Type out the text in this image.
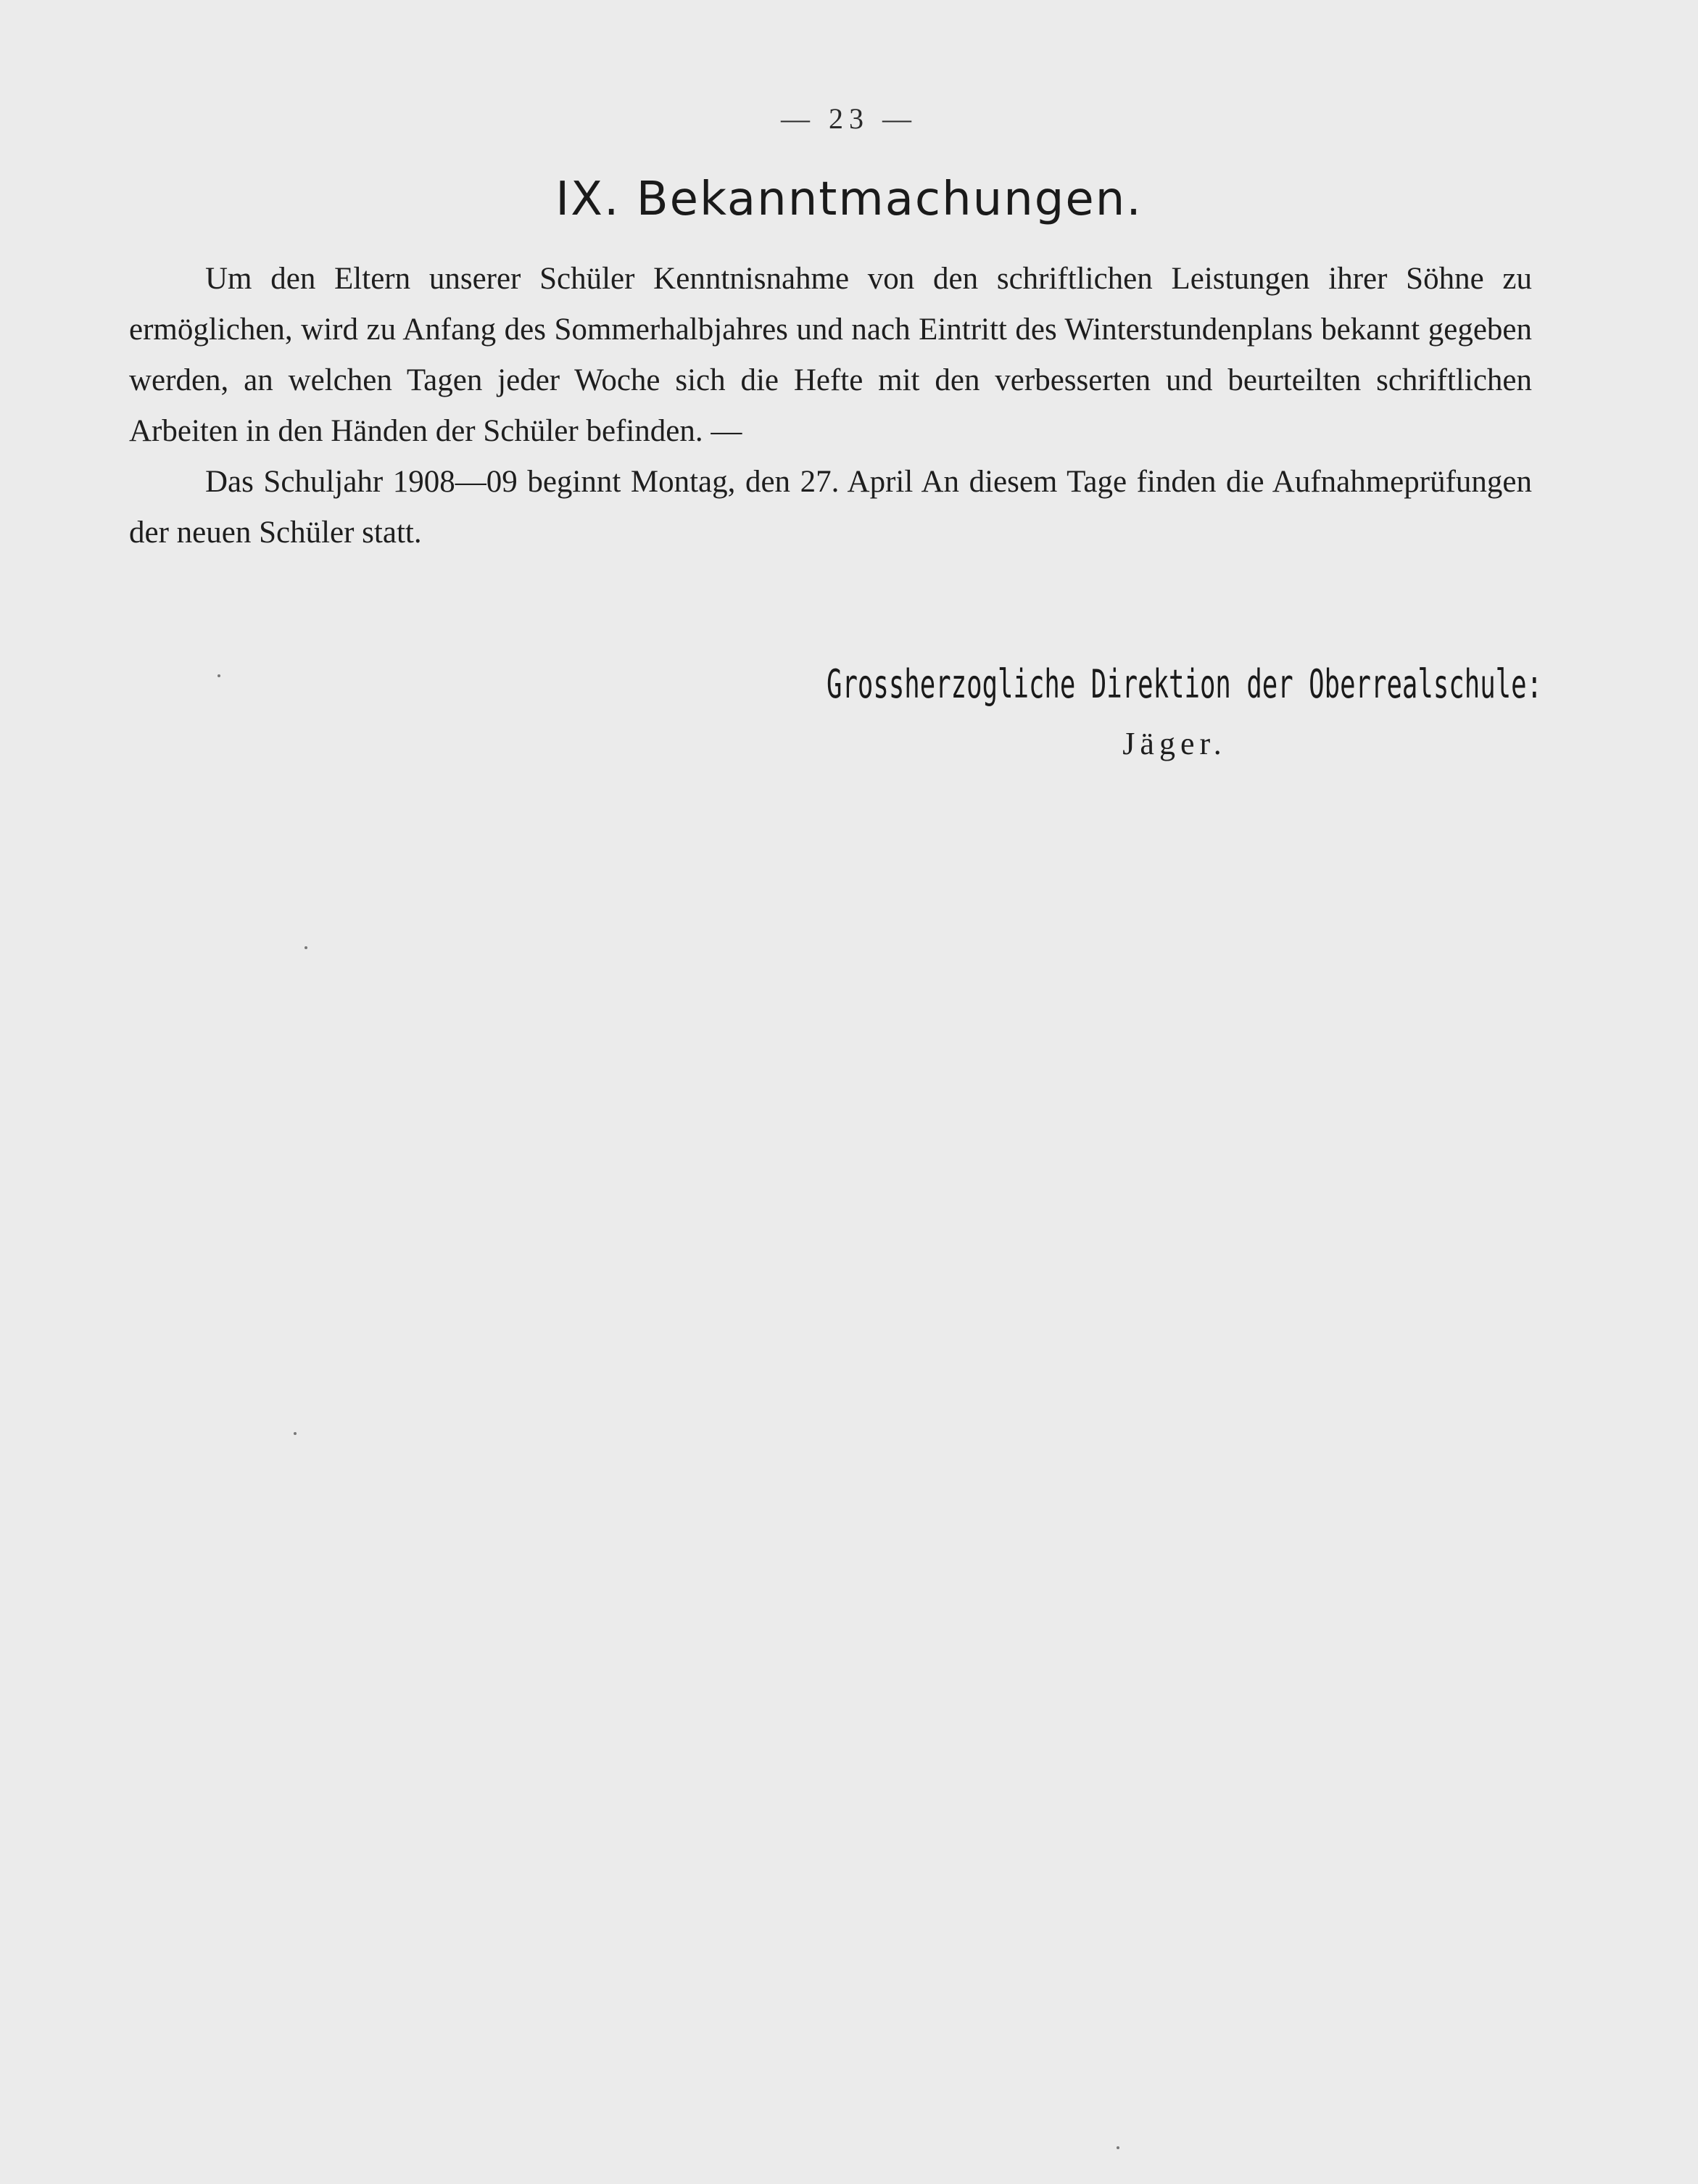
— 23 —
IX. Bekanntmachungen.

Um den Eltern unserer Schüler Kenntnisnahme von den schriftlichen Leistungen ihrer Söhne zu ermöglichen, wird zu Anfang des Sommerhalbjahres und nach Eintritt des Winterstundenplans bekannt gegeben werden, an welchen Tagen jeder Woche sich die Hefte mit den verbesserten und beurteilten schriftlichen Arbeiten in den Händen der Schüler befinden. —

Das Schuljahr 1908—09 beginnt Montag, den 27. April An diesem Tage finden die Aufnahmeprüfungen der neuen Schüler statt.

Grossherzogliche Direktion der Oberrealschule:
Jäger.
